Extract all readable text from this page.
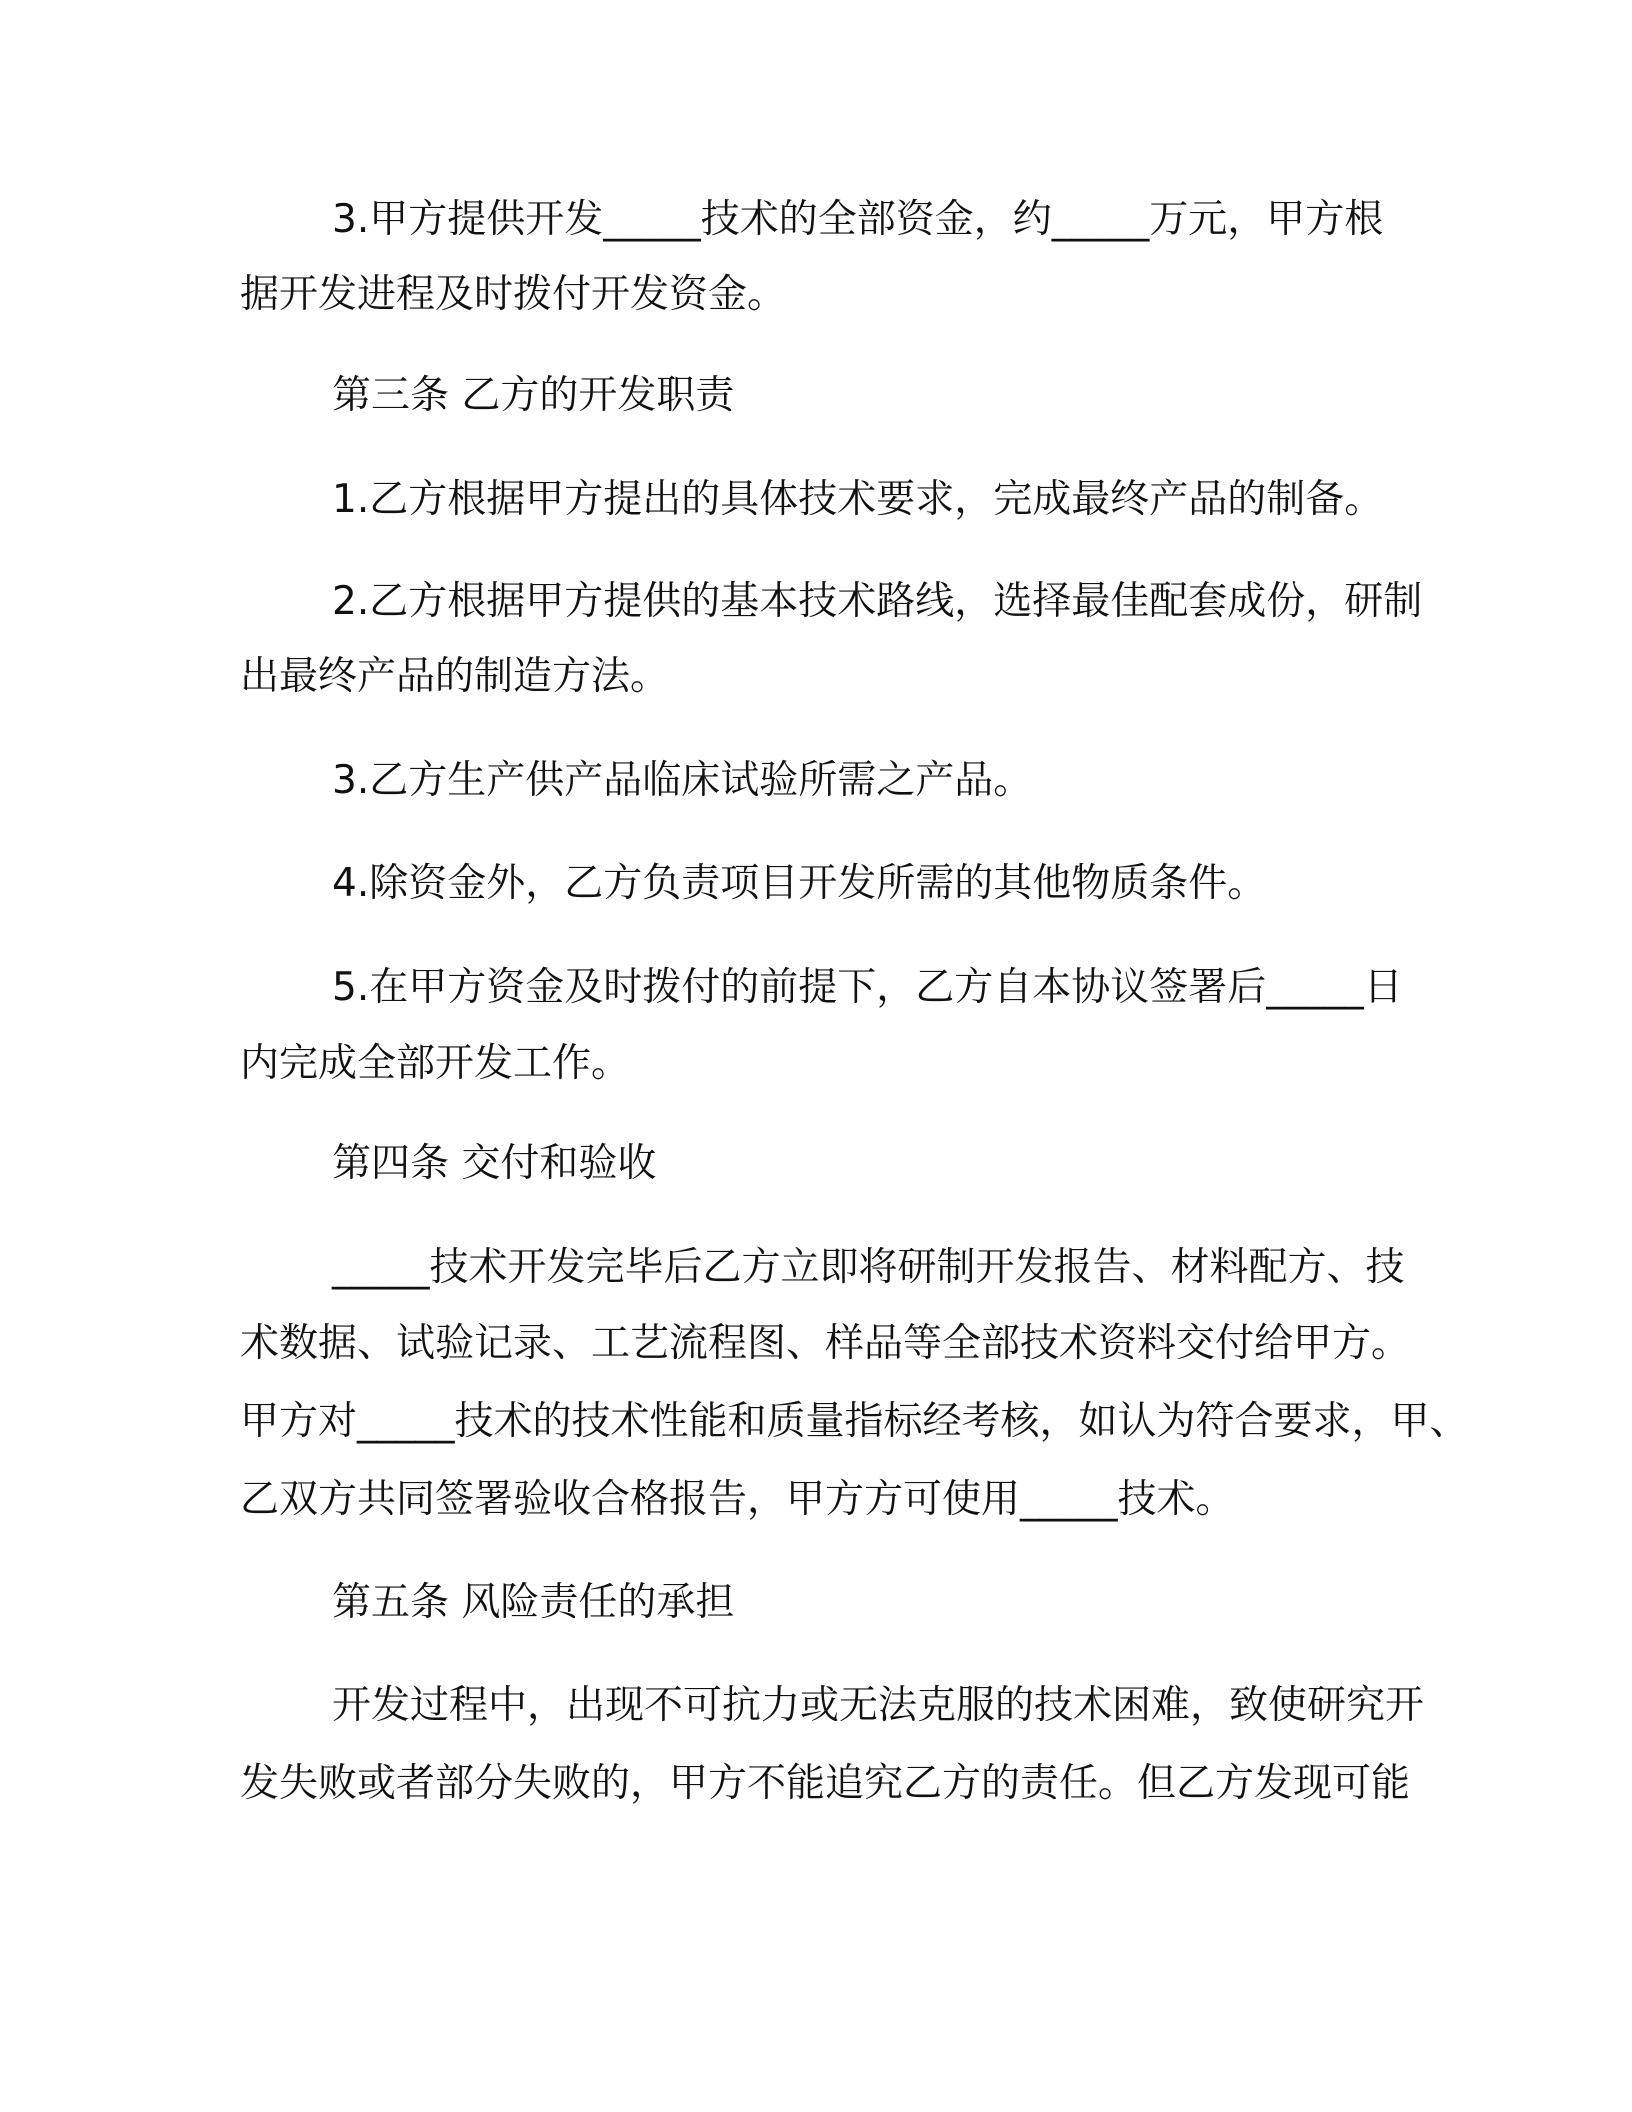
3.甲方提供开发_____技术的全部资金，约_____万元，甲方根
据开发进程及时拨付开发资金。
第三条 乙方的开发职责
1.乙方根据甲方提出的具体技术要求，完成最终产品的制备。
2.乙方根据甲方提供的基本技术路线，选择最佳配套成份，研制
出最终产品的制造方法。
3.乙方生产供产品临床试验所需之产品。
4.除资金外，乙方负责项目开发所需的其他物质条件。
5.在甲方资金及时拨付的前提下，乙方自本协议签署后_____日
内完成全部开发工作。
第四条 交付和验收
_____技术开发完毕后乙方立即将研制开发报告、材料配方、技
术数据、试验记录、工艺流程图、样品等全部技术资料交付给甲方。
甲方对_____技术的技术性能和质量指标经考核，如认为符合要求，甲、
乙双方共同签署验收合格报告，甲方方可使用_____技术。
第五条 风险责任的承担
开发过程中，出现不可抗力或无法克服的技术困难，致使研究开
发失败或者部分失败的，甲方不能追究乙方的责任。但乙方发现可能
